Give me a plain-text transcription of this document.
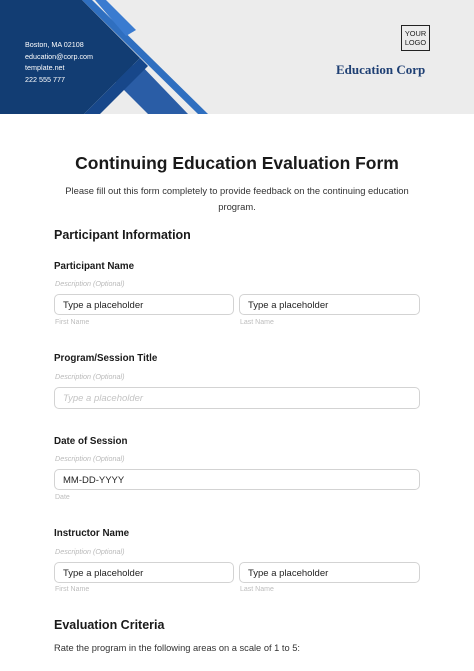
Boston, MA 02108
education@corp.com
template.net
222 555 777
YOUR
LOGO
Education Corp
Continuing Education Evaluation Form
Please fill out this form completely to provide feedback on the continuing education program.
Participant Information
Participant Name
Description (Optional)
Type a placeholder	Type a placeholder
First Name	Last Name
Program/Session Title
Description (Optional)
Type a placeholder
Date of Session
Description (Optional)
MM-DD-YYYY
Date
Instructor Name
Description (Optional)
Type a placeholder	Type a placeholder
First Name	Last Name
Evaluation Criteria
Rate the program in the following areas on a scale of 1 to 5:
